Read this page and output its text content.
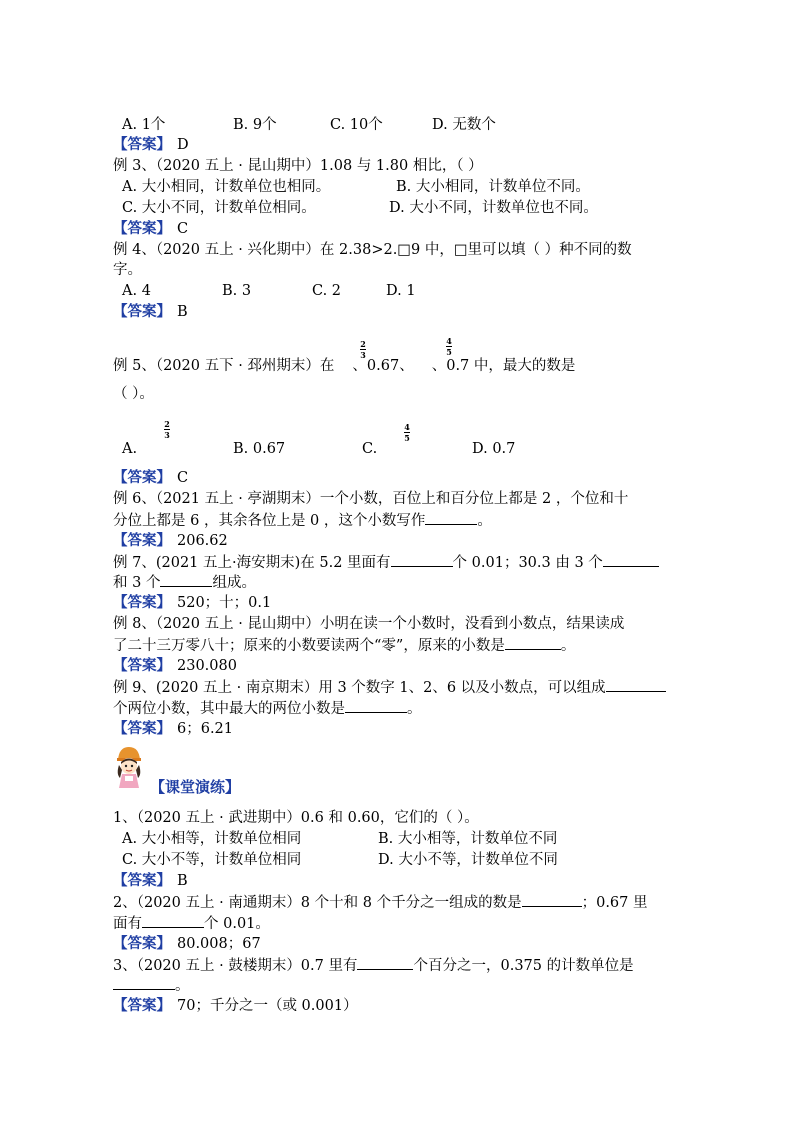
A. 1个	B. 9个	C. 10个	D. 无数个
【答案】 D
例 3、（2020 五上 · 昆山期中）1.08 与 1.80 相比，（ ）
A. 大小相同，计数单位也相同。	B. 大小相同，计数单位不同。
C. 大小不同，计数单位相同。	D. 大小不同，计数单位也不同。
【答案】 C
例 4、（2020 五上 · 兴化期中）在 2.38>2.□9 中，□里可以填（ ）种不同的数
字。
A. 4	B. 3	C. 2	D. 1
【答案】 B
例 5、（2020 五下 · 邳州期末）在 、0.67、 、0.7 中，最大的数是
2
3
4
5
（ ）。
A.
2
3
B. 0.67	C.
4
5
D. 0.7
【答案】 C
例 6、（2021 五上 · 亭湖期末）一个小数，百位上和百分位上都是 2 ，个位和十
分位上都是 6 ，其余各位上是 0 ，这个小数写作	。
【答案】 206.62
例 7、(2021 五上·海安期末)在 5.2 里面有	个 0.01；30.3 由 3 个
和 3 个	组成。
【答案】 520；十；0.1
例 8、（2020 五上 · 昆山期中）小明在读一个小数时，没看到小数点，结果读成
了二十三万零八十；原来的小数要读两个“零”，原来的小数是	。
【答案】 230.080
例 9、(2020 五上 · 南京期末）用 3 个数字 1、2、6 以及小数点，可以组成
个两位小数，其中最大的两位小数是	。
【答案】 6；6.21
【课堂演练】
1、（2020 五上 · 武进期中）0.6 和 0.60，它们的（ ）。
A. 大小相等，计数单位相同	B. 大小相等，计数单位不同
C. 大小不等，计数单位相同	D. 大小不等，计数单位不同
【答案】 B
2、（2020 五上 · 南通期末）8 个十和 8 个千分之一组成的数是	；0.67 里
面有	个 0.01。
【答案】 80.008；67
3、（2020 五上 · 鼓楼期末）0.7 里有	个百分之一，0.375 的计数单位是
。
【答案】 70；千分之一（或 0.001）
